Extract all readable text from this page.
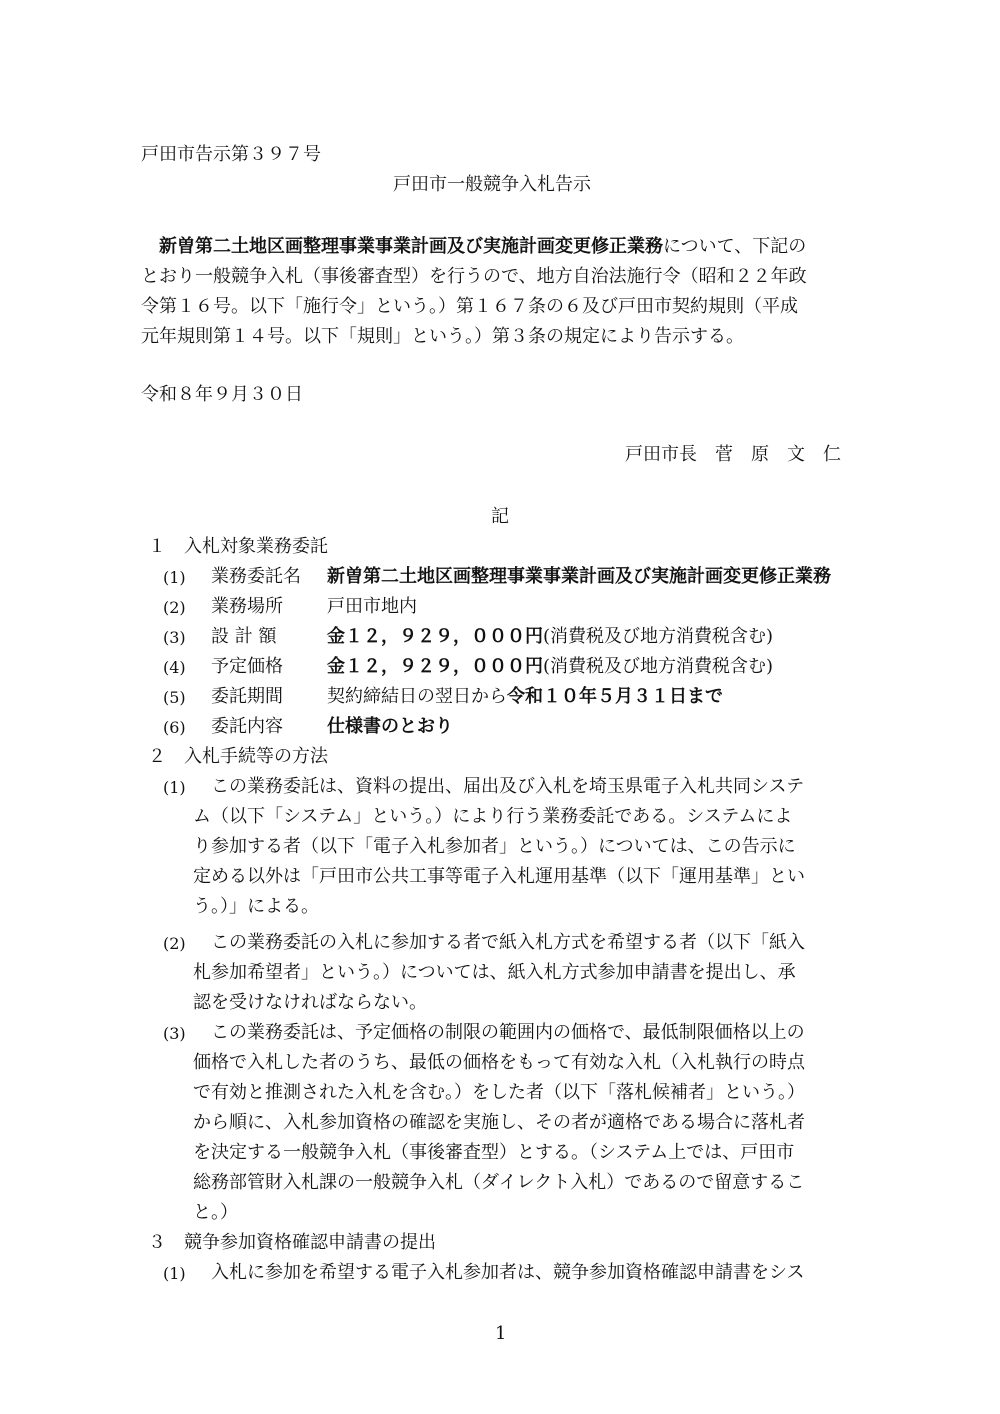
戸田市告示第３９７号
戸田市一般競争入札告示

　新曽第二土地区画整理事業事業計画及び実施計画変更修正業務について、下記の

とおり一般競争入札（事後審査型）を行うので、地方自治法施行令（昭和２２年政

令第１６号。以下「施行令」という。）第１６７条の６及び戸田市契約規則（平成

元年規則第１４号。以下「規則」という。）第３条の規定により告示する。

令和８年９月３０日
戸田市長　菅　原　文　仁
記
１　入札対象業務委託
(1) 業務委託名 新曽第二土地区画整理事業事業計画及び実施計画変更修正業務
(2) 業務場所 戸田市地内
(3) 設 計 額	金１２，９２９，０００円(消費税及び地方消費税含む)
(4) 予定価格 金１２，９２９，０００円(消費税及び地方消費税含む)
(5) 委託期間 契約締結日の翌日から令和１０年５月３１日まで
(6) 委託内容 仕様書のとおり
２　入札手続等の方法
(1)

　	この業務委託は、資料の提出、届出及び入札を埼玉県電子入札共同システ

ム（以下「システム」という。）により行う業務委託である。システムによ

り参加する者（以下「電子入札参加者」という。）については、この告示に

定める以外は「戸田市公共工事等電子入札運用基準（以下「運用基準」とい

う。）」による。

(2)

　	この業務委託の入札に参加する者で紙入札方式を希望する者（以下「紙入

札参加希望者」という。）については、紙入札方式参加申請書を提出し、承

認を受けなければならない。

(3)

　	この業務委託は、予定価格の制限の範囲内の価格で、最低制限価格以上の

価格で入札した者のうち、最低の価格をもって有効な入札（入札執行の時点

で有効と推測された入札を含む。）をした者（以下「落札候補者」という。）

から順に、入札参加資格の確認を実施し、その者が適格である場合に落札者

を決定する一般競争入札（事後審査型）とする。（システム上では、戸田市

総務部管財入札課の一般競争入札（ダイレクト入札）であるので留意するこ

と。）

３　競争参加資格確認申請書の提出
(1) 入札に参加を希望する電子入札参加者は、競争参加資格確認申請書をシス
1
